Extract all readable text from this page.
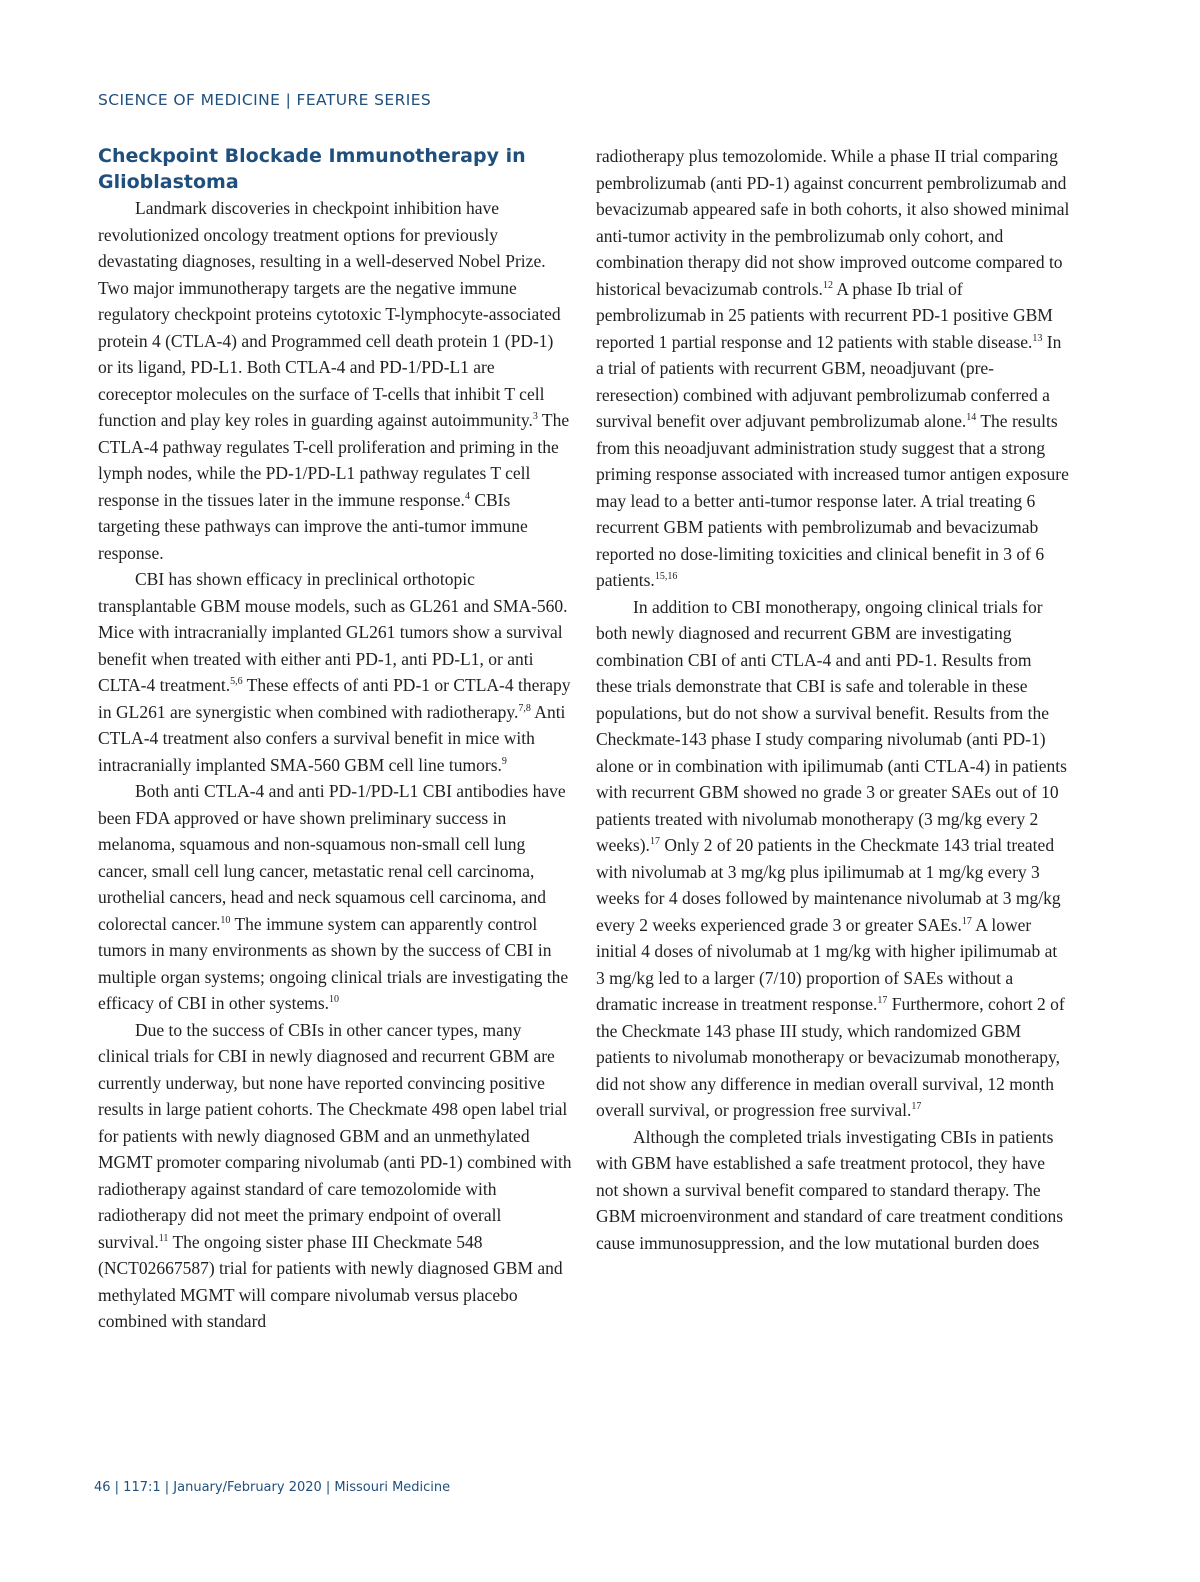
SCIENCE OF MEDICINE | FEATURE SERIES
Checkpoint Blockade Immunotherapy in Glioblastoma

Landmark discoveries in checkpoint inhibition have revolutionized oncology treatment options for previously devastating diagnoses, resulting in a well-deserved Nobel Prize. Two major immunotherapy targets are the negative immune regulatory checkpoint proteins cytotoxic T-lymphocyte-associated protein 4 (CTLA-4) and Programmed cell death protein 1 (PD-1) or its ligand, PD-L1. Both CTLA-4 and PD-1/PD-L1 are coreceptor molecules on the surface of T-cells that inhibit T cell function and play key roles in guarding against autoimmunity.$^3$ The CTLA-4 pathway regulates T-cell proliferation and priming in the lymph nodes, while the PD-1/PD-L1 pathway regulates T cell response in the tissues later in the immune response.$^4$ CBIs targeting these pathways can improve the anti-tumor immune response.

CBI has shown efficacy in preclinical orthotopic transplantable GBM mouse models, such as GL261 and SMA-560. Mice with intracranially implanted GL261 tumors show a survival benefit when treated with either anti PD-1, anti PD-L1, or anti CLTA-4 treatment.$^{5,6}$ These effects of anti PD-1 or CTLA-4 therapy in GL261 are synergistic when combined with radiotherapy.$^{7,8}$ Anti CTLA-4 treatment also confers a survival benefit in mice with intracranially implanted SMA-560 GBM cell line tumors.$^9$

Both anti CTLA-4 and anti PD-1/PD-L1 CBI antibodies have been FDA approved or have shown preliminary success in melanoma, squamous and non-squamous non-small cell lung cancer, small cell lung cancer, metastatic renal cell carcinoma, urothelial cancers, head and neck squamous cell carcinoma, and colorectal cancer.$^{10}$ The immune system can apparently control tumors in many environments as shown by the success of CBI in multiple organ systems; ongoing clinical trials are investigating the efficacy of CBI in other systems.$^{10}$

Due to the success of CBIs in other cancer types, many clinical trials for CBI in newly diagnosed and recurrent GBM are currently underway, but none have reported convincing positive results in large patient cohorts. The Checkmate 498 open label trial for patients with newly diagnosed GBM and an unmethylated MGMT promoter comparing nivolumab (anti PD-1) combined with radiotherapy against standard of care temozolomide with radiotherapy did not meet the primary endpoint of overall survival.$^{11}$ The ongoing sister phase III Checkmate 548 (NCT02667587) trial for patients with newly diagnosed GBM and methylated MGMT will compare nivolumab versus placebo combined with standard

radiotherapy plus temozolomide. While a phase II trial comparing pembrolizumab (anti PD-1) against concurrent pembrolizumab and bevacizumab appeared safe in both cohorts, it also showed minimal anti-tumor activity in the pembrolizumab only cohort, and combination therapy did not show improved outcome compared to historical bevacizumab controls.$^{12}$ A phase Ib trial of pembrolizumab in 25 patients with recurrent PD-1 positive GBM reported 1 partial response and 12 patients with stable disease.$^{13}$ In a trial of patients with recurrent GBM, neoadjuvant (pre-reresection) combined with adjuvant pembrolizumab conferred a survival benefit over adjuvant pembrolizumab alone.$^{14}$ The results from this neoadjuvant administration study suggest that a strong priming response associated with increased tumor antigen exposure may lead to a better anti-tumor response later. A trial treating 6 recurrent GBM patients with pembrolizumab and bevacizumab reported no dose-limiting toxicities and clinical benefit in 3 of 6 patients.$^{15,16}$

In addition to CBI monotherapy, ongoing clinical trials for both newly diagnosed and recurrent GBM are investigating combination CBI of anti CTLA-4 and anti PD-1. Results from these trials demonstrate that CBI is safe and tolerable in these populations, but do not show a survival benefit. Results from the Checkmate-143 phase I study comparing nivolumab (anti PD-1) alone or in combination with ipilimumab (anti CTLA-4) in patients with recurrent GBM showed no grade 3 or greater SAEs out of 10 patients treated with nivolumab monotherapy (3 mg/kg every 2 weeks).$^{17}$ Only 2 of 20 patients in the Checkmate 143 trial treated with nivolumab at 3 mg/kg plus ipilimumab at 1 mg/kg every 3 weeks for 4 doses followed by maintenance nivolumab at 3 mg/kg every 2 weeks experienced grade 3 or greater SAEs.$^{17}$ A lower initial 4 doses of nivolumab at 1 mg/kg with higher ipilimumab at 3 mg/kg led to a larger (7/10) proportion of SAEs without a dramatic increase in treatment response.$^{17}$ Furthermore, cohort 2 of the Checkmate 143 phase III study, which randomized GBM patients to nivolumab monotherapy or bevacizumab monotherapy, did not show any difference in median overall survival, 12 month overall survival, or progression free survival.$^{17}$

Although the completed trials investigating CBIs in patients with GBM have established a safe treatment protocol, they have not shown a survival benefit compared to standard therapy. The GBM microenvironment and standard of care treatment conditions cause immunosuppression, and the low mutational burden does

46 | 117:1 | January/February 2020 | Missouri Medicine
